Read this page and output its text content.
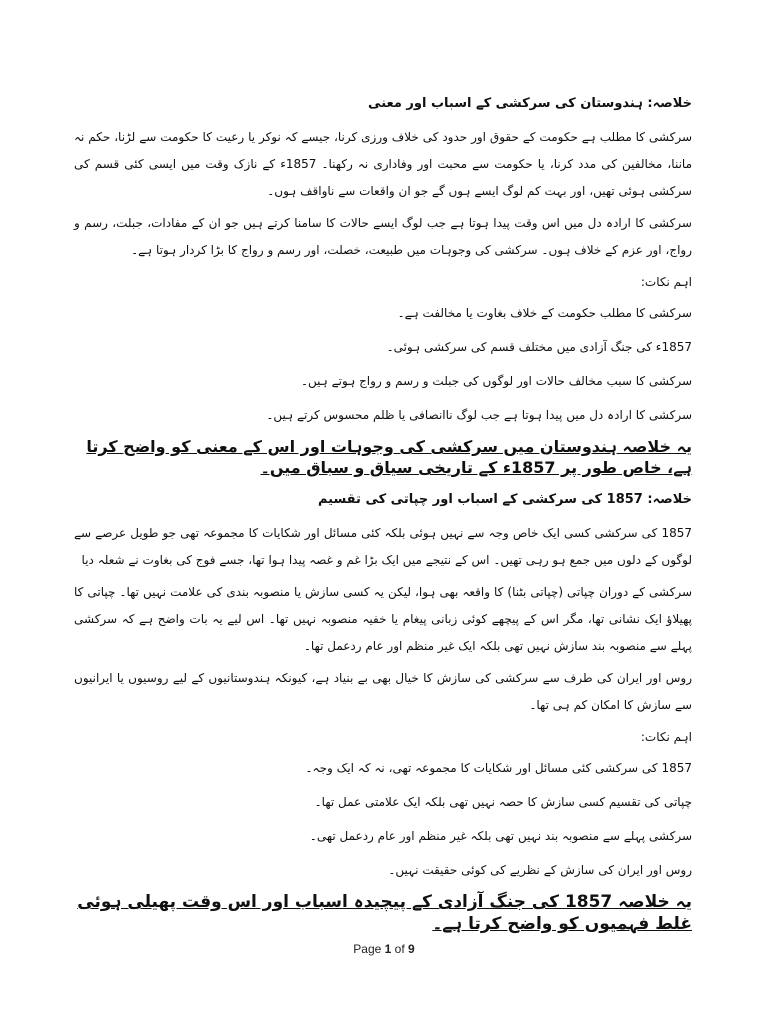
خلاصہ: ہندوستان کی سرکشی کے اسباب اور معنی

سرکشی کا مطلب ہے حکومت کے حقوق اور حدود کی خلاف ورزی کرنا، جیسے کہ نوکر یا رعیت کا حکومت سے لڑنا، حکم نہ ماننا، مخالفین کی مدد کرنا، یا حکومت سے محبت اور وفاداری نہ رکھنا۔ 1857ء کے نازک وقت میں ایسی کئی قسم کی سرکشی ہوئی تھیں، اور بہت کم لوگ ایسے ہوں گے جو ان واقعات سے ناواقف ہوں۔

سرکشی کا ارادہ دل میں اس وقت پیدا ہوتا ہے جب لوگ ایسے حالات کا سامنا کرتے ہیں جو ان کے مفادات، جبلت، رسم و رواج، اور عزم کے خلاف ہوں۔ سرکشی کی وجوہات میں طبیعت، خصلت، اور رسم و رواج کا بڑا کردار ہوتا ہے۔

اہم نکات:

سرکشی کا مطلب حکومت کے خلاف بغاوت یا مخالفت ہے۔

1857ء کی جنگ آزادی میں مختلف قسم کی سرکشی ہوئی۔

سرکشی کا سبب مخالف حالات اور لوگوں کی جبلت و رسم و رواج ہوتے ہیں۔

سرکشی کا ارادہ دل میں پیدا ہوتا ہے جب لوگ ناانصافی یا ظلم محسوس کرتے ہیں۔

یہ خلاصہ ہندوستان میں سرکشی کی وجوہات اور اس کے معنی کو واضح کرتا ہے، خاص طور پر 1857ء کے تاریخی سیاق و سباق میں۔

خلاصہ: 1857 کی سرکشی کے اسباب اور چپاتی کی تقسیم

1857 کی سرکشی کسی ایک خاص وجہ سے نہیں ہوئی بلکہ کئی مسائل اور شکایات کا مجموعہ تھی جو طویل عرصے سے لوگوں کے دلوں میں جمع ہو رہی تھیں۔ اس کے نتیجے میں ایک بڑا غم و غصہ پیدا ہوا تھا، جسے فوج کی بغاوت نے شعلہ دیا

سرکشی کے دوران چپاتی (چپاتی بٹنا) کا واقعہ بھی ہوا، لیکن یہ کسی سازش یا منصوبہ بندی کی علامت نہیں تھا۔ چپاتی کا پھیلاؤ ایک نشانی تھا، مگر اس کے پیچھے کوئی زبانی پیغام یا خفیہ منصوبہ نہیں تھا۔ اس لیے یہ بات واضح ہے کہ سرکشی پہلے سے منصوبہ بند سازش نہیں تھی بلکہ ایک غیر منظم اور عام ردعمل تھا۔

روس اور ایران کی طرف سے سرکشی کی سازش کا خیال بھی بے بنیاد ہے، کیونکہ ہندوستانیوں کے لیے روسیوں یا ایرانیوں سے سازش کا امکان کم ہی تھا۔

اہم نکات:

1857 کی سرکشی کئی مسائل اور شکایات کا مجموعہ تھی، نہ کہ ایک وجہ۔

چپاتی کی تقسیم کسی سازش کا حصہ نہیں تھی بلکہ ایک علامتی عمل تھا۔

سرکشی پہلے سے منصوبہ بند نہیں تھی بلکہ غیر منظم اور عام ردعمل تھی۔

روس اور ایران کی سازش کے نظریے کی کوئی حقیقت نہیں۔

یہ خلاصہ 1857 کی جنگ آزادی کے پیچیدہ اسباب اور اس وقت پھیلی ہوئی غلط فہمیوں کو واضح کرتا ہے۔

Page 1 of 9
